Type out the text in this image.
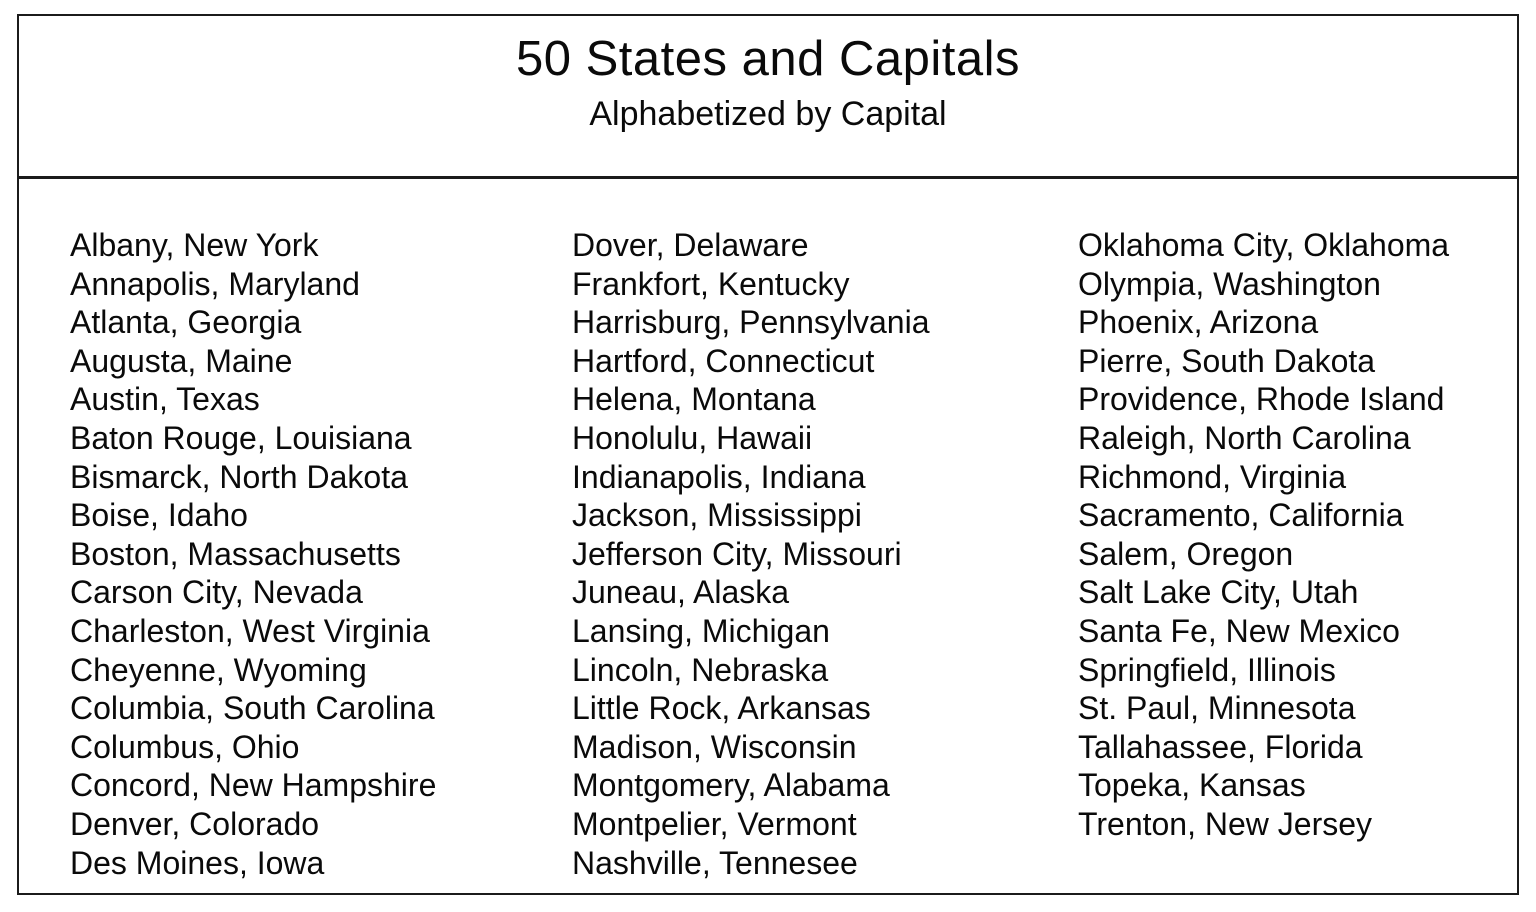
50 States and Capitals
Alphabetized by Capital
Albany, New York
Annapolis, Maryland
Atlanta, Georgia
Augusta, Maine
Austin, Texas
Baton Rouge, Louisiana
Bismarck, North Dakota
Boise, Idaho
Boston, Massachusetts
Carson City, Nevada
Charleston, West Virginia
Cheyenne, Wyoming
Columbia, South Carolina
Columbus, Ohio
Concord, New Hampshire
Denver, Colorado
Des Moines, Iowa
Dover, Delaware
Frankfort, Kentucky
Harrisburg, Pennsylvania
Hartford, Connecticut
Helena, Montana
Honolulu, Hawaii
Indianapolis, Indiana
Jackson, Mississippi
Jefferson City, Missouri
Juneau, Alaska
Lansing, Michigan
Lincoln, Nebraska
Little Rock, Arkansas
Madison, Wisconsin
Montgomery, Alabama
Montpelier, Vermont
Nashville, Tennesee
Oklahoma City, Oklahoma
Olympia, Washington
Phoenix, Arizona
Pierre, South Dakota
Providence, Rhode Island
Raleigh, North Carolina
Richmond, Virginia
Sacramento, California
Salem, Oregon
Salt Lake City, Utah
Santa Fe, New Mexico
Springfield, Illinois
St. Paul, Minnesota
Tallahassee, Florida
Topeka, Kansas
Trenton, New Jersey
